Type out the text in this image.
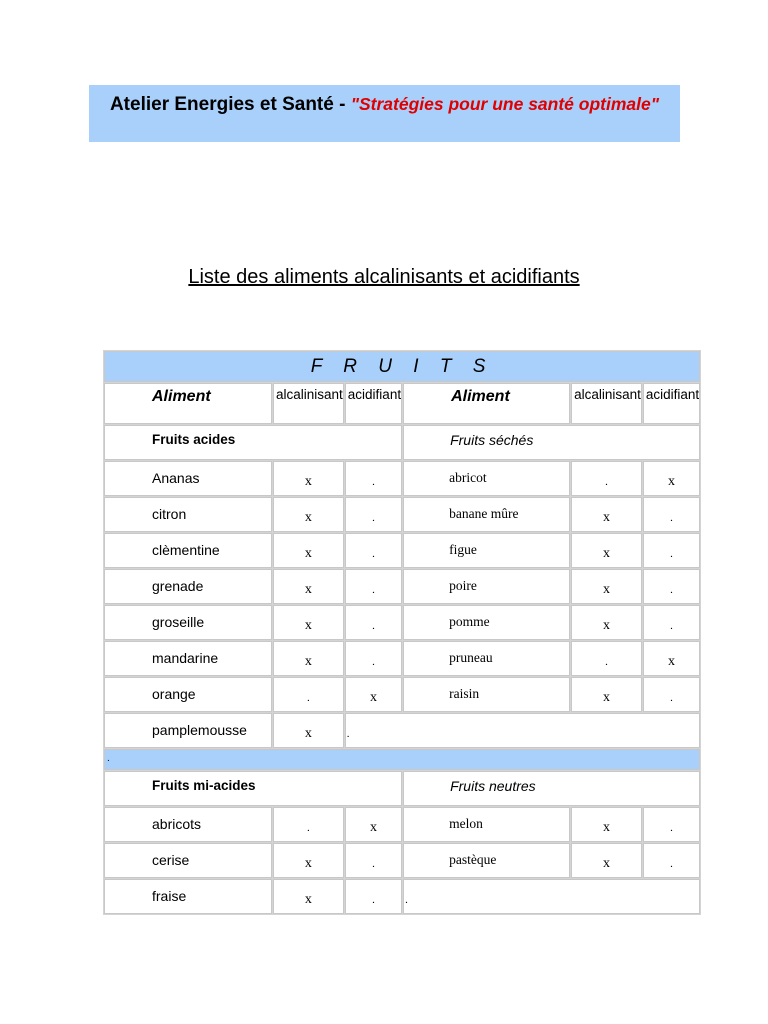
Atelier Energies et Santé - "Stratégies pour une santé optimale"
Liste des aliments alcalinisants et acidifiants
F R U I T S					

Aliment	alcalinisant	acidifiant	Aliment	alcalinisant	acidifiant

Fruits acides			Fruits séchés		

Ananas	x	.	abricot	.	x

citron	x	.	banane mûre	x	.

clèmentine	x	.	figue	x	.

grenade	x	.	poire	x	.

groseille	x	.	pomme	x	.

mandarine	x	.	pruneau	.	x

orange	.	x	raisin	x	.

pamplemousse	x	.			
.					

Fruits mi-acides			Fruits neutres		

abricots	.	x	melon	x	.

cerise	x	.	pastèque	x	.

fraise	x	.	.		
